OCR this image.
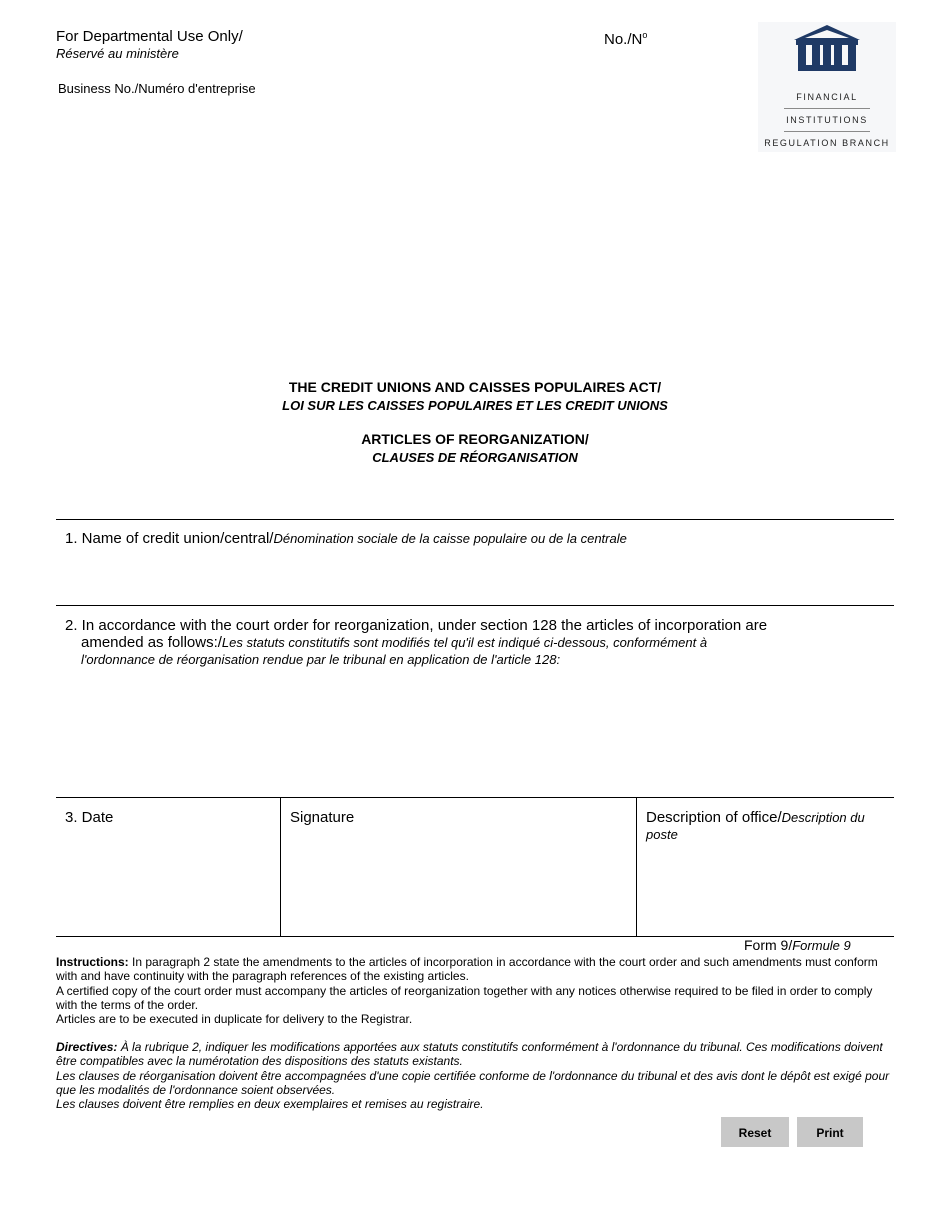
For Departmental Use Only/
Réservé au ministère
Business No./Numéro d'entreprise
$No./N^o$
FINANCIAL
INSTITUTIONS
REGULATION BRANCH
THE CREDIT UNIONS AND CAISSES POPULAIRES ACT/
LOI SUR LES CAISSES POPULAIRES ET LES CREDIT UNIONS
ARTICLES OF REORGANIZATION/
CLAUSES DE RÉORGANISATION
1. Name of credit union/central/Dénomination sociale de la caisse populaire ou de la centrale
2. In accordance with the court order for reorganization, under section 128 the articles of incorporation are
amended as follows:/Les statuts constitutifs sont modifiés tel qu'il est indiqué ci-dessous, conformément à
l'ordonnance de réorganisation rendue par le tribunal en application de l'article 128:
3. Date	Signature	Description of office/Description du poste
Form 9/Formule 9
Instructions: In paragraph 2 state the amendments to the articles of incorporation in accordance with the court order and such amendments must conform with and have continuity with the paragraph references of the existing articles.
A certified copy of the court order must accompany the articles of reorganization together with any notices otherwise required to be filed in order to comply with the terms of the order.
Articles are to be executed in duplicate for delivery to the Registrar.
Directives: À la rubrique 2, indiquer les modifications apportées aux statuts constitutifs conformément à l'ordonnance du tribunal. Ces modifications doivent être compatibles avec la numérotation des dispositions des statuts existants.
Les clauses de réorganisation doivent être accompagnées d'une copie certifiée conforme de l'ordonnance du tribunal et des avis dont le dépôt est exigé pour que les modalités de l'ordonnance soient observées.
Les clauses doivent être remplies en deux exemplaires et remises au registraire.
Reset	Print
